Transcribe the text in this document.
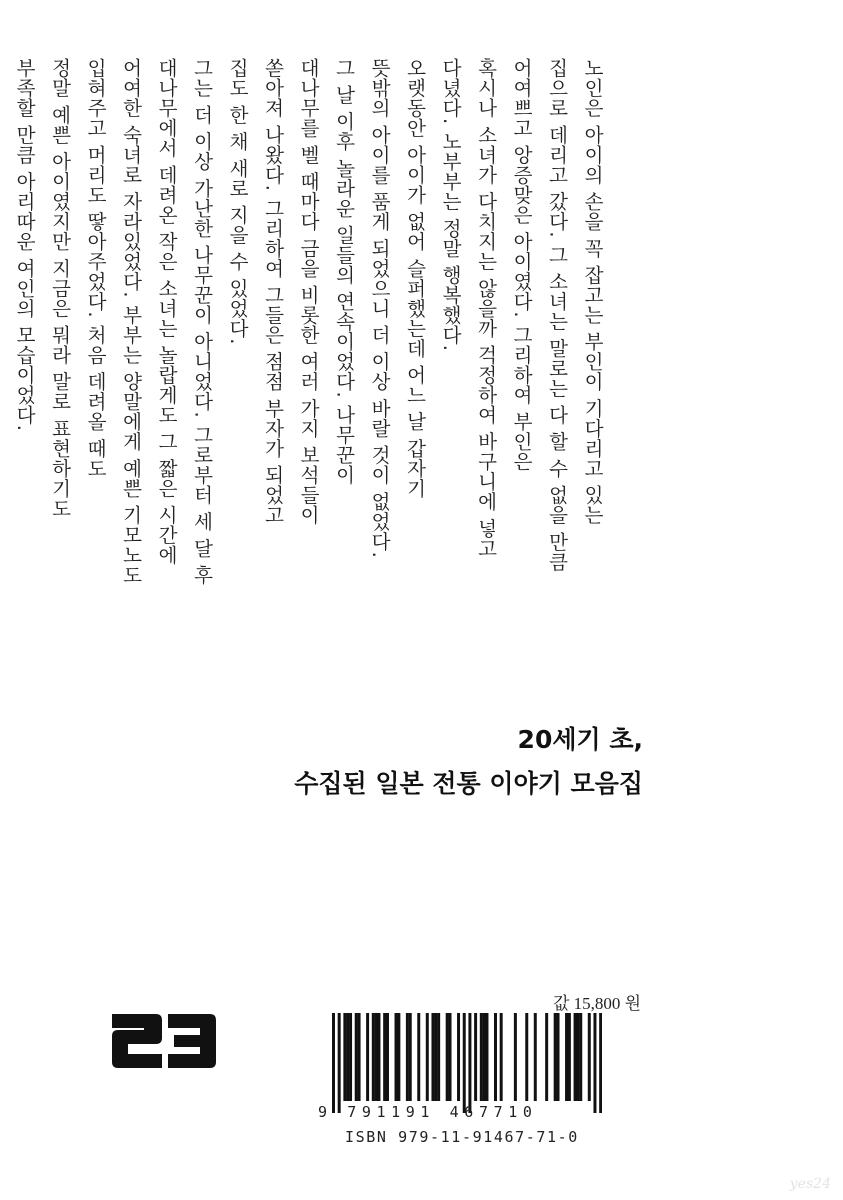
노인은 아이의 손을 꼭 잡고는 부인이 기다리고 있는

집으로 데리고 갔다. 그 소녀는 말로는 다 할 수 없을 만큼

어여쁘고 앙증맞은 아이였다. 그리하여 부인은

혹시나 소녀가 다치지는 않을까 걱정하여 바구니에 넣고

다녔다. 노부부는 정말 행복했다.

오랫동안 아이가 없어 슬퍼했는데 어느 날 갑자기

뜻밖의 아이를 품게 되었으니 더 이상 바랄 것이 없었다.

그 날 이후 놀라운 일들의 연속이었다. 나무꾼이

대나무를 벨 때마다 금을 비롯한 여러 가지 보석들이

쏟아져 나왔다. 그리하여 그들은 점점 부자가 되었고

집도 한 채 새로 지을 수 있었다.

그는 더 이상 가난한 나무꾼이 아니었다. 그로부터 세 달 후

대나무에서 데려온 작은 소녀는 놀랍게도 그 짧은 시간에

어여한 숙녀로 자라있었다. 부부는 양말에게 예쁜 기모노도

입혀주고 머리도 땋아주었다. 처음 데려올 때도

정말 예쁜 아이였지만 지금은 뭐라 말로 표현하기도

부족할 만큼 아리따운 여인의 모습이었다.

20세기 초,
수집된 일본 전통 이야기 모음집
값 15,800 원
9 791191 467710
ISBN 979-11-91467-71-0
yes24
